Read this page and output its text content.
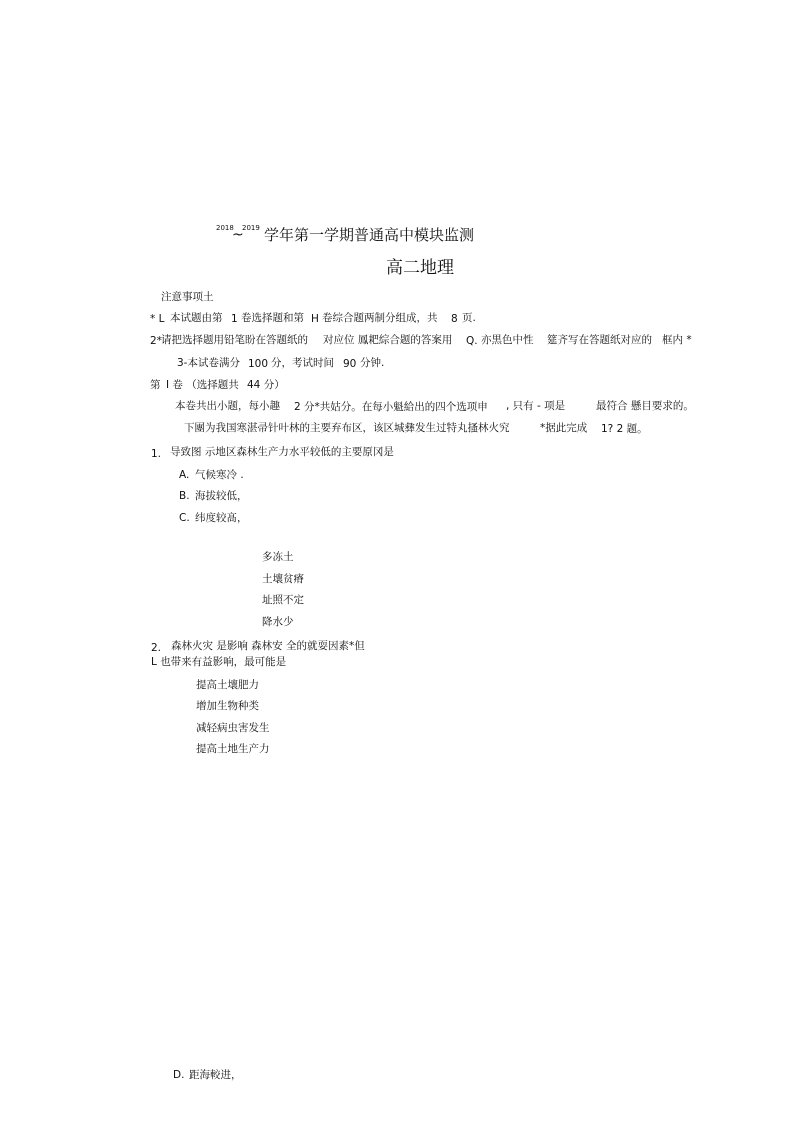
2018
~
2019 学年第一学期普通高中模块监测
高二地理
注意事项土
* L 本试题由第 1 卷选择题和第 H 卷综合题两制分组成，共 8 页.
2* 请把选择题用铅笔盼在答题纸的 对应位 鳳耙綜合题的答案用 Q. 亦黒色中性 筵齐写在答题纸对应的 框内 *
3-本试卷满分 100 分，考试时间 90 分钟.
第 I 卷 （选择题共 44 分）
本卷共出小题，每小趣 2 分*共姑分。在每小魁給出的四个选项申 , 只有 - 项是	最符合 懸目要求的。
下團为我国寒湛帚针叶林的主要弃布区，该区城彝发生过特丸搔林火究	*据此完成 1? 2 题。
1. 导致图 示地区森林生产力水平较低的主要原冈是
A. 气候寒冷 .
B. 海拔较低，
C. 纬度较髙，
多冻土
土壤贫瘠
址照不定
降水少
2. 森林火灾 是影响 森林安 全的就耍因素*但
L 也带来有益影响，最可能是
提高土壤肥力
增加生物种类
减轻病虫害发生
提高土地生产力
D. 距海較进，
